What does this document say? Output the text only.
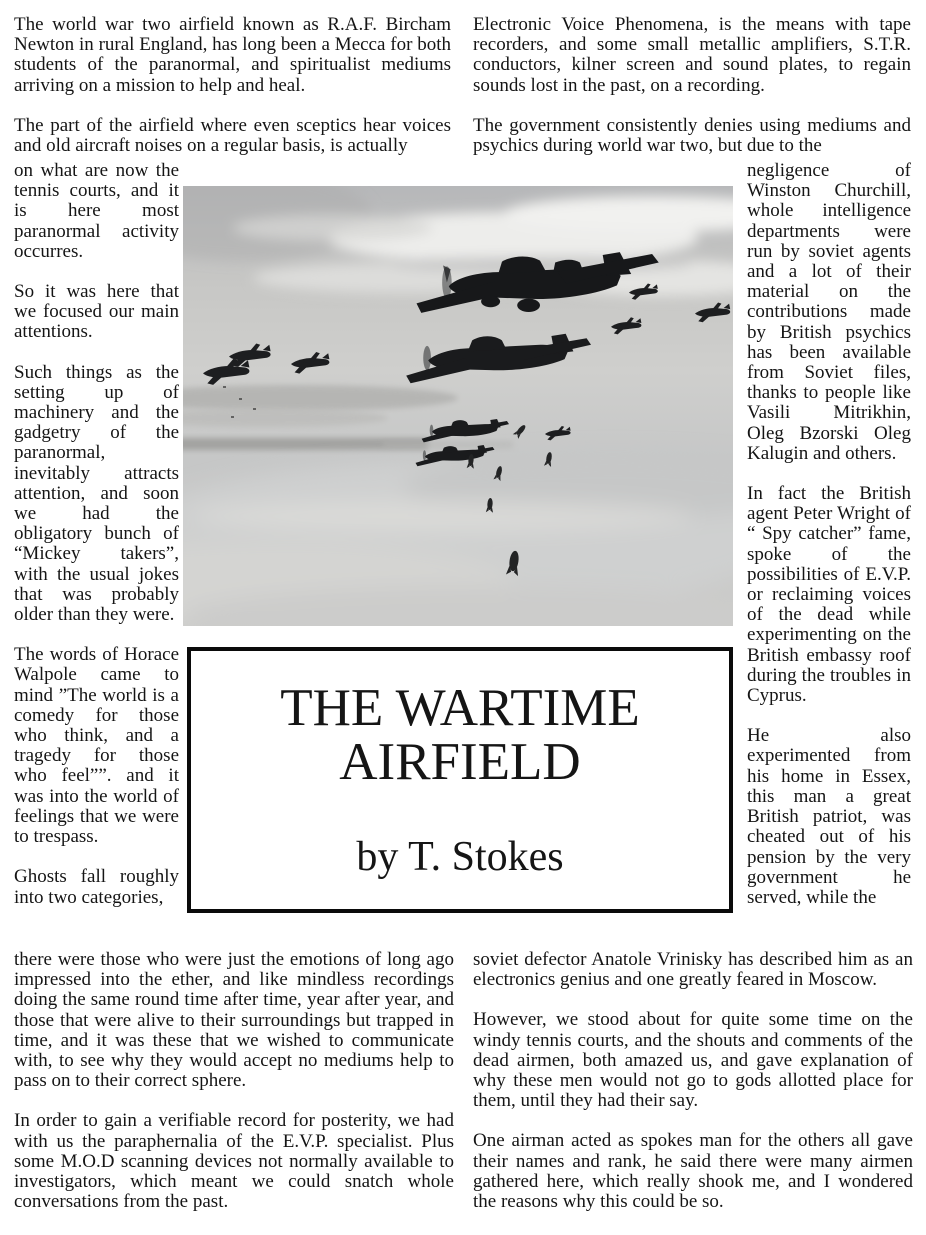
The world war two airfield known as R.A.F. Bircham Newton in rural England, has long been a Mecca for both students of the paranormal, and spiritualist mediums arriving on a mission to help and heal.

The part of the airfield where even sceptics hear voices and old aircraft noises on a regular basis, is actually

on what are now the tennis courts, and it is here most paranormal activity occurres.

So it was here that we focused our main attentions.

Such things as the setting up of machinery and the gadgetry of the paranormal, inevitably attracts attention, and soon we had the obligatory bunch of “Mickey takers”, with the usual jokes that was probably older than they were.

The words of Horace Walpole came to mind ”The world is a comedy for those who think, and a tragedy for those who feel””. and it was into the world of feelings that we were to trespass.

Ghosts fall roughly into two categories,

there were those who were just the emotions of long ago impressed into the ether, and like mindless recordings doing the same round time after time, year after year, and those that were alive to their surroundings but trapped in time, and it was these that we wished to communicate with, to see why they would accept no mediums help to pass on to their correct sphere.

In order to gain a verifiable record for posterity, we had with us the paraphernalia of the E.V.P. specialist. Plus some M.O.D scanning devices not normally available to investigators, which meant we could snatch whole conversations from the past.

Electronic Voice Phenomena, is the means with tape recorders, and some small metallic amplifiers, S.T.R. conductors, kilner screen and sound plates, to regain sounds lost in the past, on a recording.

The government consistently denies using mediums and psychics during world war two, but due to the

negligence of Winston Churchill, whole intelligence departments were run by soviet agents and a lot of their material on the contributions made by British psychics has been available from Soviet files, thanks to people like Vasili Mitrikhin, Oleg Bzorski Oleg Kalugin and others.

In fact the British agent Peter Wright of “ Spy catcher” fame, spoke of the possibilities of E.V.P. or reclaiming voices of the dead while experimenting on the British embassy roof during the troubles in Cyprus.

He also experimented from his home in Essex, this man a great British patriot, was cheated out of his pension by the very government he served, while the

soviet defector Anatole Vrinisky has described him as an electronics genius and one greatly feared in Moscow.

However, we stood about for quite some time on the windy tennis courts, and the shouts and comments of the dead airmen, both amazed us, and gave explanation of why these men would not go to gods allotted place for them, until they had their say.

One airman acted as spokes man for the others all gave their names and rank, he said there were many airmen gathered here, which really shook me, and I wondered the reasons why this could be so.

THE WARTIME AIRFIELD
by T. Stokes
